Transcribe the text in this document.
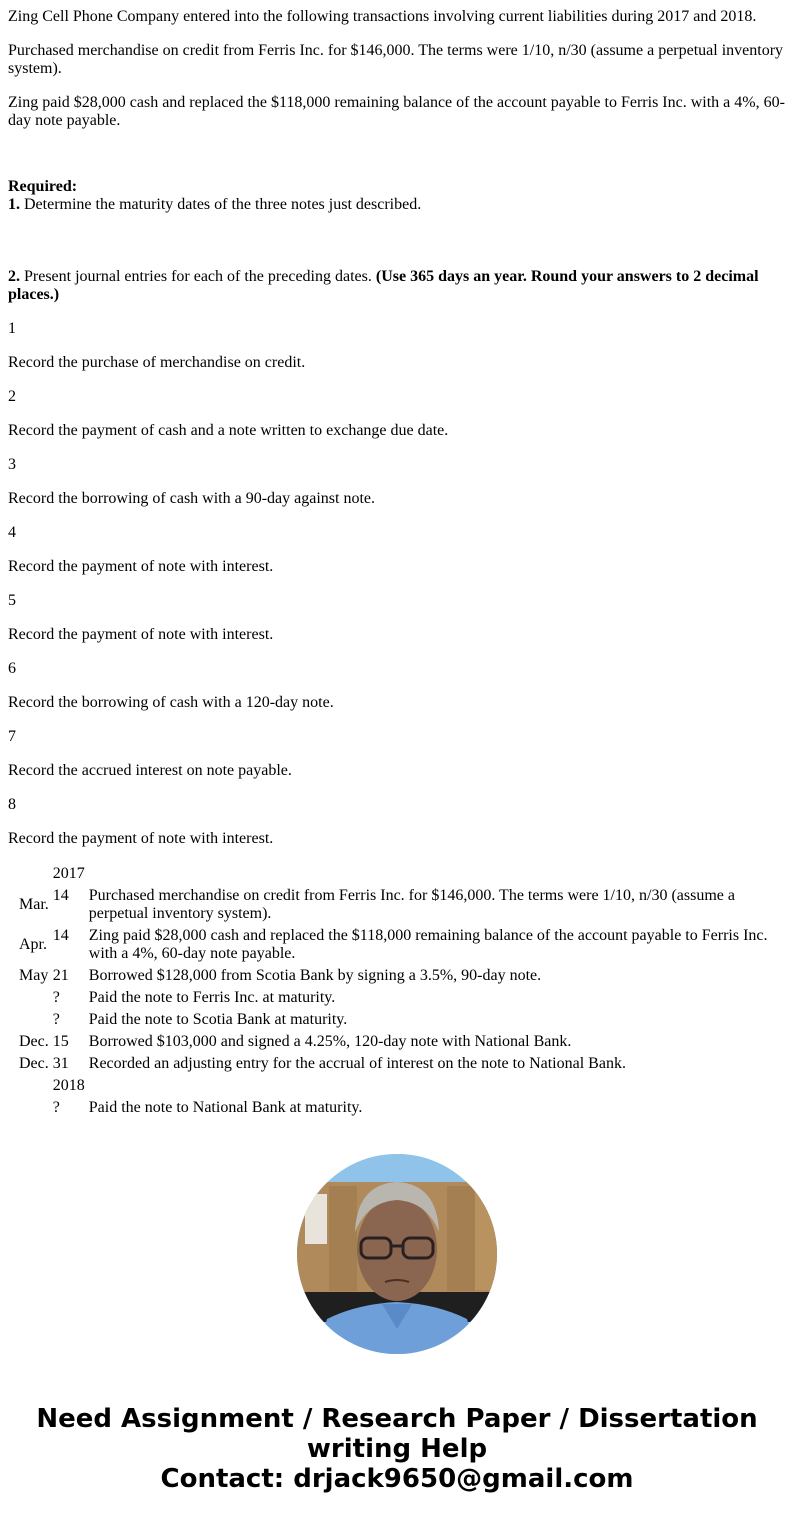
Zing Cell Phone Company entered into the following transactions involving current liabilities during 2017 and 2018.

Purchased merchandise on credit from Ferris Inc. for $146,000. The terms were 1/10, n/30 (assume a perpetual inventory system).

Zing paid $28,000 cash and replaced the $118,000 remaining balance of the account payable to Ferris Inc. with a 4%, 60-day note payable.

Required:
1. Determine the maturity dates of the three notes just described.

2. Present journal entries for each of the preceding dates. (Use 365 days an year. Round your answers to 2 decimal places.)

1

Record the purchase of merchandise on credit.

2

Record the payment of cash and a note written to exchange due date.

3

Record the borrowing of cash with a 90-day against note.

4

Record the payment of note with interest.

5

Record the payment of note with interest.

6

Record the borrowing of cash with a 120-day note.

7

Record the accrued interest on note payable.

8

Record the payment of note with interest.

	2017	
Mar.	14	Purchased merchandise on credit from Ferris Inc. for $146,000. The terms were 1/10, n/30 (assume a perpetual inventory system).
Apr.	14	Zing paid $28,000 cash and replaced the $118,000 remaining balance of the account payable to Ferris Inc. with a 4%, 60-day note payable.
May	21	Borrowed $128,000 from Scotia Bank by signing a 3.5%, 90-day note.
	?	Paid the note to Ferris Inc. at maturity.
	?	Paid the note to Scotia Bank at maturity.
Dec.	15	Borrowed $103,000 and signed a 4.25%, 120-day note with National Bank.
Dec.	31	Recorded an adjusting entry for the accrual of interest on the note to National Bank.
	2018	
	?	Paid the note to National Bank at maturity.
Need Assignment / Research Paper / Dissertation writing Help
Contact: drjack9650@gmail.com
